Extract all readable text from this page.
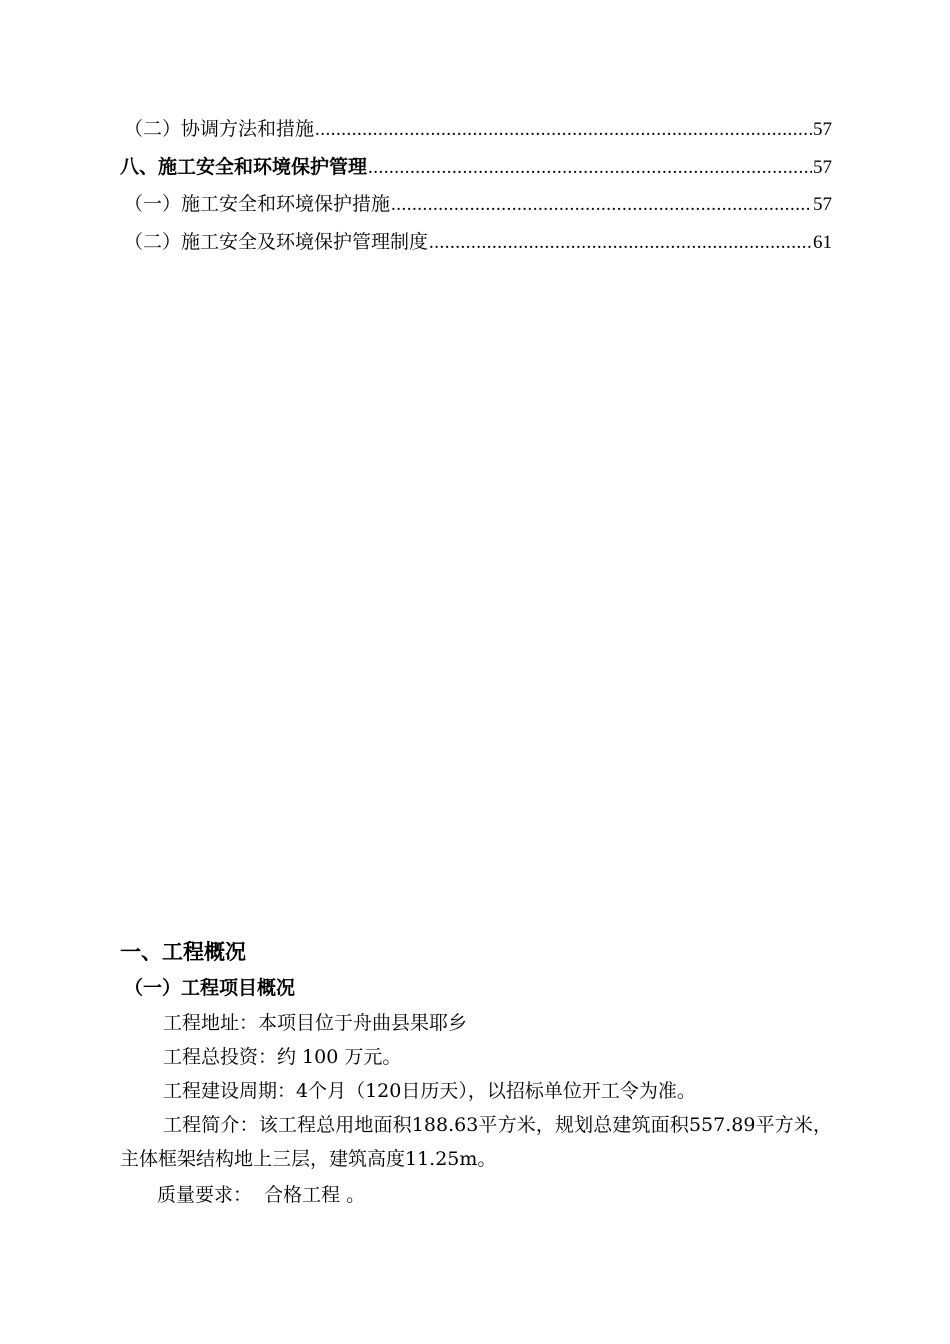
（二）协调方法和措施 .....	57
八、施工安全和环境保护管理 .....	57
（一）施工安全和环境保护措施 .....	57
（二）施工安全及环境保护管理制度 .....	61
一、工程概况
（一）工程项目概况
工程地址：本项目位于舟曲县果耶乡
工程总投资：约 100 万元。
工程建设周期：4个月（120日历天），以招标单位开工令为准。
工程简介：该工程总用地面积188.63平方米，规划总建筑面积557.89平方米，主体框架结构地上三层，建筑高度11.25m。
质量要求：  合格工程 。
